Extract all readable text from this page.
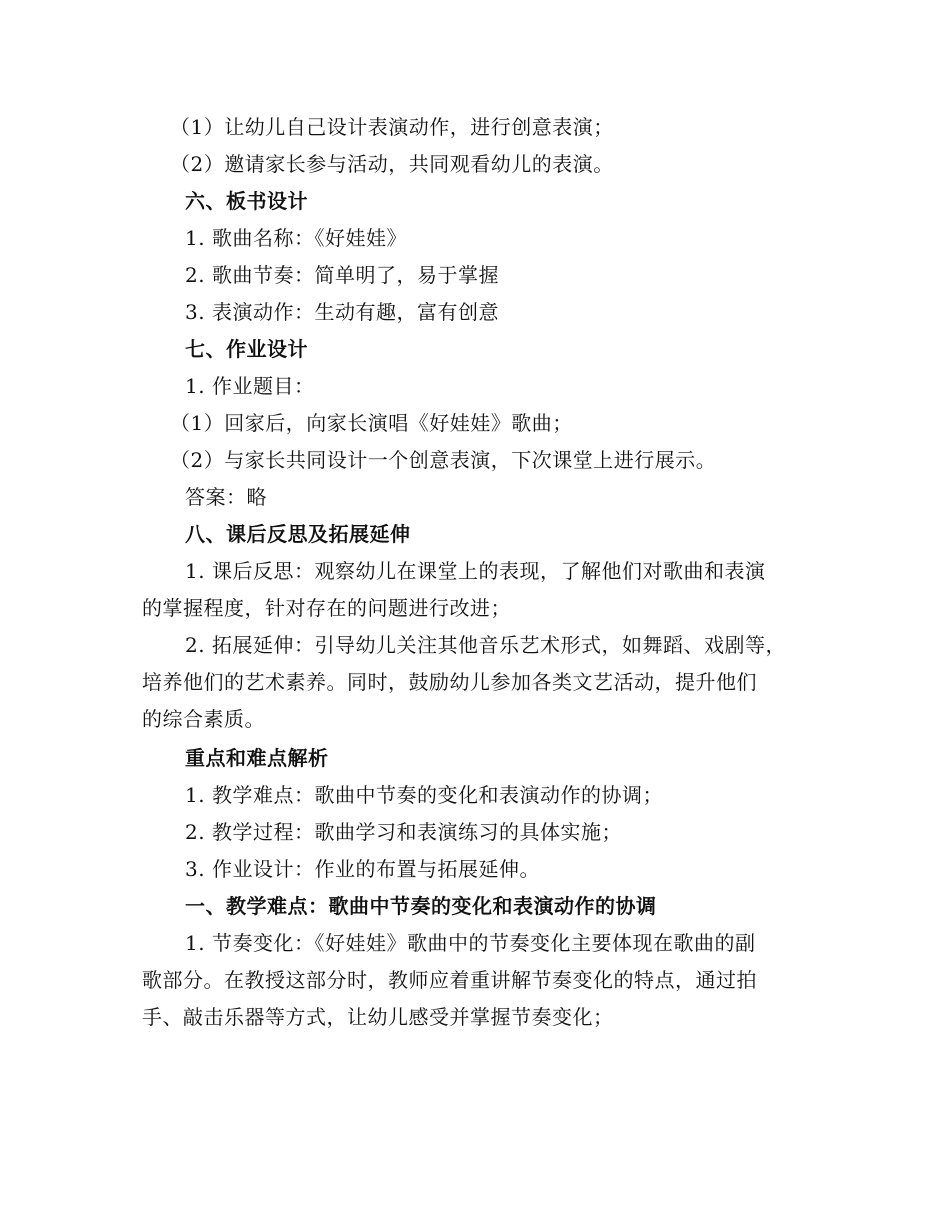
（1）让幼儿自己设计表演动作，进行创意表演；
（2）邀请家长参与活动，共同观看幼儿的表演。
六、板书设计
1. 歌曲名称：《好娃娃》
2. 歌曲节奏：简单明了，易于掌握
3. 表演动作：生动有趣，富有创意
七、作业设计
1. 作业题目：
（1）回家后，向家长演唱《好娃娃》歌曲；
（2）与家长共同设计一个创意表演，下次课堂上进行展示。
答案：略
八、课后反思及拓展延伸
1. 课后反思：观察幼儿在课堂上的表现，了解他们对歌曲和表演
的掌握程度，针对存在的问题进行改进；
2. 拓展延伸：引导幼儿关注其他音乐艺术形式，如舞蹈、戏剧等，
培养他们的艺术素养。同时，鼓励幼儿参加各类文艺活动，提升他们
的综合素质。
重点和难点解析
1. 教学难点：歌曲中节奏的变化和表演动作的协调；
2. 教学过程：歌曲学习和表演练习的具体实施；
3. 作业设计：作业的布置与拓展延伸。
一、教学难点：歌曲中节奏的变化和表演动作的协调
1. 节奏变化：《好娃娃》歌曲中的节奏变化主要体现在歌曲的副
歌部分。在教授这部分时，教师应着重讲解节奏变化的特点，通过拍
手、敲击乐器等方式，让幼儿感受并掌握节奏变化；
